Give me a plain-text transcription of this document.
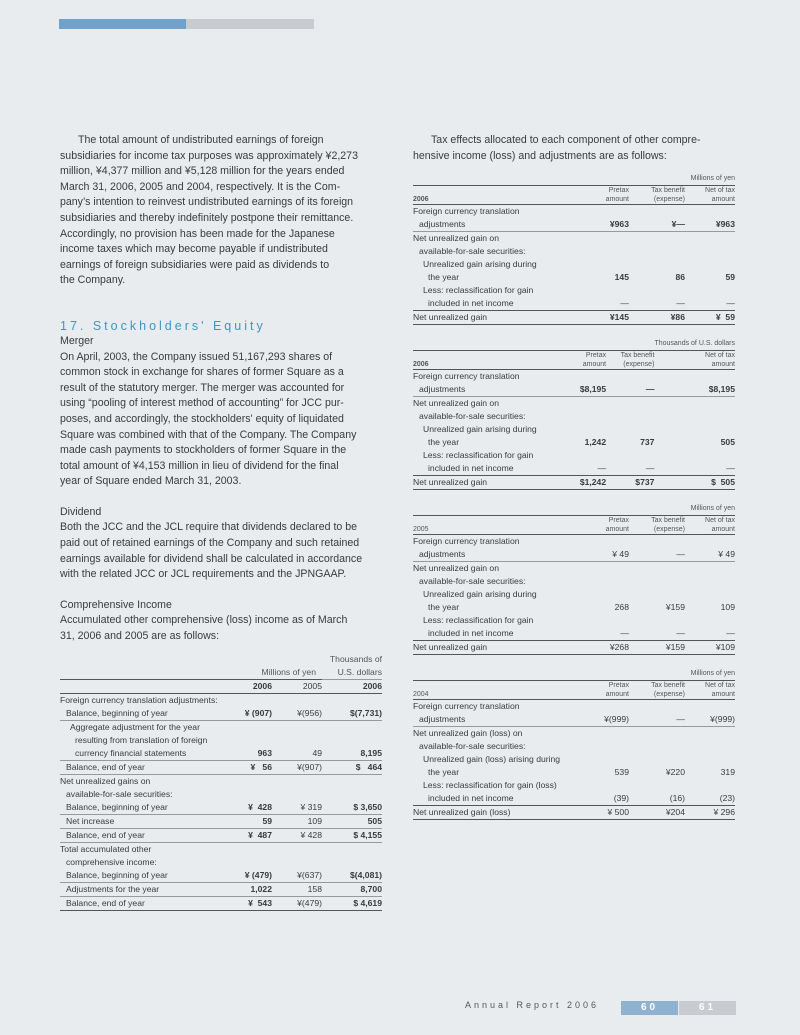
The total amount of undistributed earnings of foreign
subsidiaries for income tax purposes was approximately ¥2,273
million, ¥4,377 million and ¥5,128 million for the years ended
March 31, 2006, 2005 and 2004, respectively. It is the Com-
pany’s intention to reinvest undistributed earnings of its foreign
subsidiaries and thereby indefinitely postpone their remittance.
Accordingly, no provision has been made for the Japanese
income taxes which may become payable if undistributed
earnings of foreign subsidiaries were paid as dividends to
the Company.

17. Stockholders' Equity

Merger

On April, 2003, the Company issued 51,167,293 shares of
common stock in exchange for shares of former Square as a
result of the statutory merger. The merger was accounted for
using “pooling of interest method of accounting” for JCC pur-
poses, and accordingly, the stockholders' equity of liquidated
Square was combined with that of the Company. The Company
made cash payments to stockholders of former Square in the
total amount of ¥4,153 million in lieu of dividend for the final
year of Square ended March 31, 2003.

Dividend

Both the JCC and the JCL require that dividends declared to be
paid out of retained earnings of the Company and such retained
earnings available for dividend shall be calculated in accordance
with the related JCC or JCL requirements and the JPNGAAP.

Comprehensive Income

Accumulated other comprehensive (loss) income as of March
31, 2006 and 2005 are as follows:

			Thousands of
	Millions of yen		U.S. dollars
	2006	2005	2006
Foreign currency translation adjustments:			
Balance, beginning of year	¥ (907)	¥(956)	$(7,731)
Aggregate adjustment for the year			
resulting from translation of foreign			
currency financial statements	963	49	8,195
Balance, end of year	¥   56	¥(907)	$   464
Net unrealized gains on			
available-for-sale securities:			
Balance, beginning of year	¥  428	¥ 319	$ 3,650
Net increase	59	109	505
Balance, end of year	¥  487	¥ 428	$ 4,155
Total accumulated other			
comprehensive income:			
Balance, beginning of year	¥ (479)	¥(637)	$(4,081)
Adjustments for the year	1,022	158	8,700
Balance, end of year	¥  543	¥(479)	$ 4,619

Tax effects allocated to each component of other compre-
hensive income (loss) and adjustments are as follows:

			Millions of yen
	Pretax	Tax benefit	Net of tax
2006	amount	(expense)	amount
Foreign currency translation			
adjustments	¥963	¥—	¥963
Net unrealized gain on			
available-for-sale securities:			
Unrealized gain arising during			
the year	145	86	59
Less: reclassification for gain			
included in net income	—	—	—
Net unrealized gain	¥145	¥86	¥  59
			Thousands of U.S. dollars
	Pretax	Tax benefit	Net of tax
2006	amount	(expense)	amount
Foreign currency translation			
adjustments	$8,195	—	$8,195
Net unrealized gain on			
available-for-sale securities:			
Unrealized gain arising during			
the year	1,242	737	505
Less: reclassification for gain			
included in net income	—	—	—
Net unrealized gain	$1,242	$737	$  505
			Millions of yen
	Pretax	Tax benefit	Net of tax
2005	amount	(expense)	amount
Foreign currency translation			
adjustments	¥ 49	—	¥ 49
Net unrealized gain on			
available-for-sale securities:			
Unrealized gain arising during			
the year	268	¥159	109
Less: reclassification for gain			
included in net income	—	—	—
Net unrealized gain	¥268	¥159	¥109
			Millions of yen
	Pretax	Tax benefit	Net of tax
2004	amount	(expense)	amount
Foreign currency translation			
adjustments	¥(999)	—	¥(999)
Net unrealized gain (loss) on			
available-for-sale securities:			
Unrealized gain (loss) arising during			
the year	539	¥220	319
Less: reclassification for gain (loss)			
included in net income	(39)	(16)	(23)
Net unrealized gain (loss)	¥ 500	¥204	¥ 296
Annual Report 2006	60	61
